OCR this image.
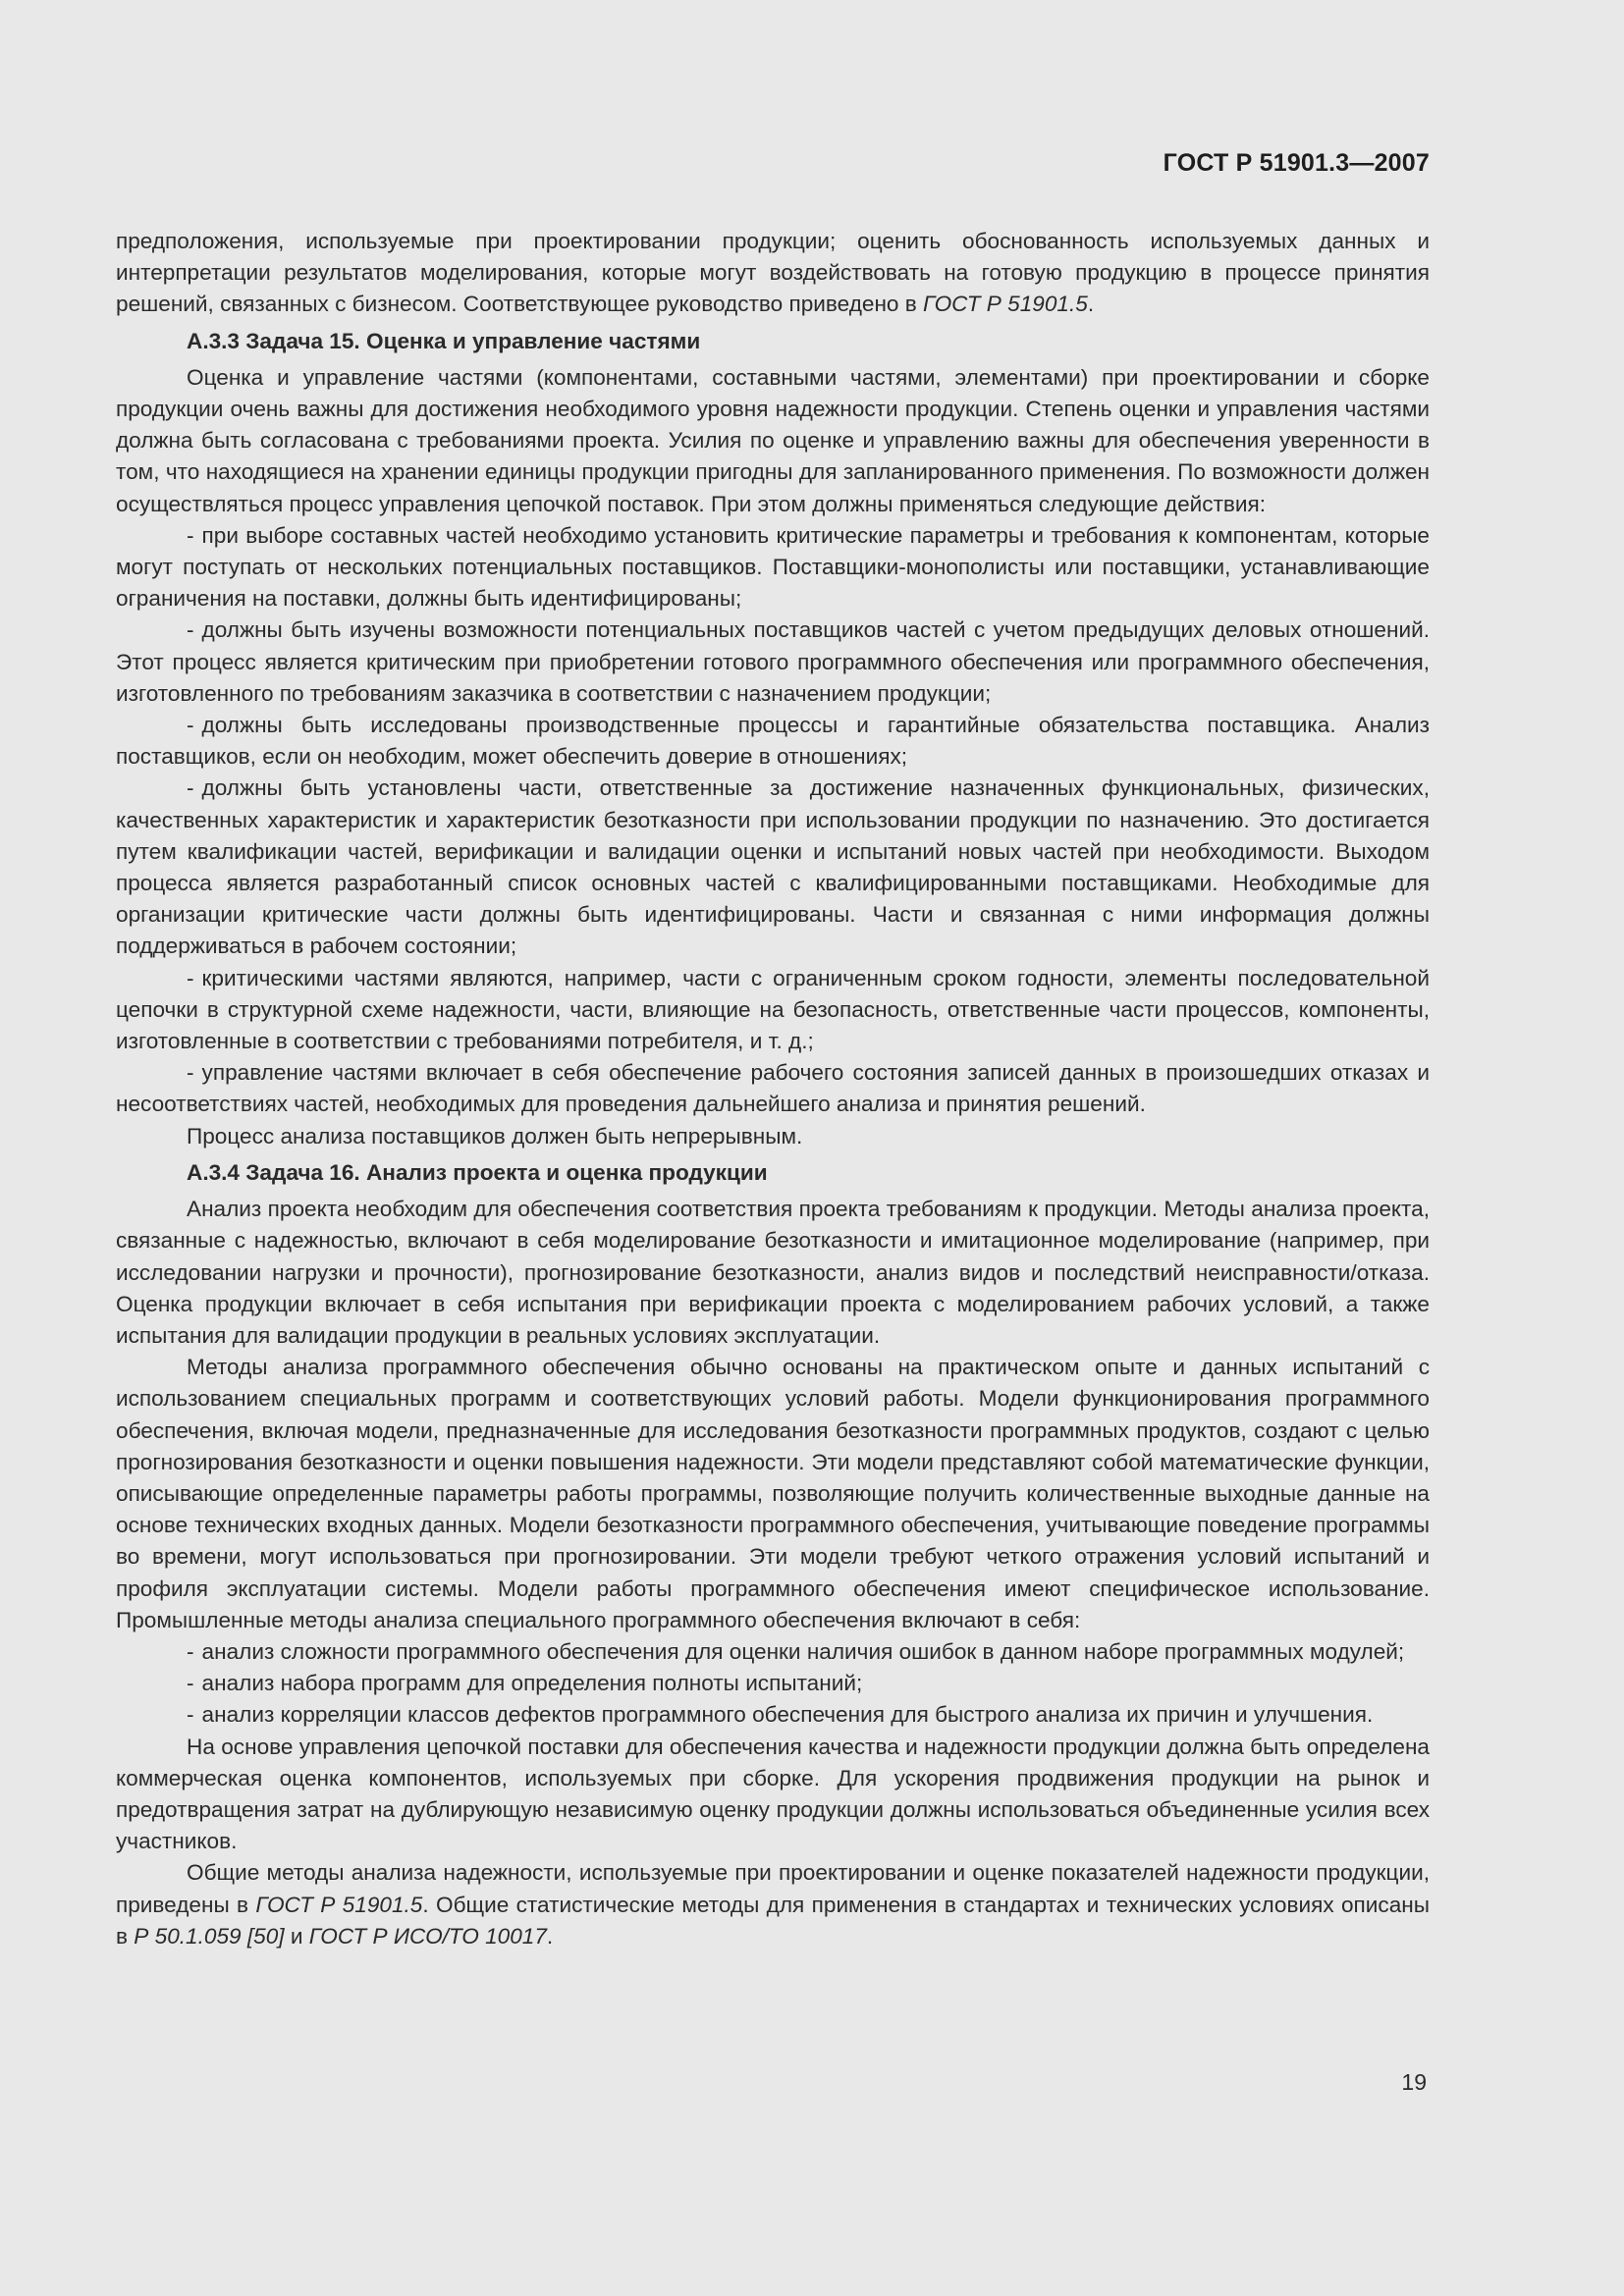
ГОСТ Р 51901.3—2007

предположения, используемые при проектировании продукции; оценить обоснованность используемых данных и интерпретации результатов моделирования, которые могут воздействовать на готовую продукцию в процессе принятия решений, связанных с бизнесом. Соответствующее руководство приведено в ГОСТ Р 51901.5.

А.3.3 Задача 15. Оценка и управление частями

Оценка и управление частями (компонентами, составными частями, элементами) при проектировании и сборке продукции очень важны для достижения необходимого уровня надежности продукции. Степень оценки и управления частями должна быть согласована с требованиями проекта. Усилия по оценке и управлению важны для обеспечения уверенности в том, что находящиеся на хранении единицы продукции пригодны для запланированного применения. По возможности должен осуществляться процесс управления цепочкой поставок. При этом должны применяться следующие действия:

- при выборе составных частей необходимо установить критические параметры и требования к компонентам, которые могут поступать от нескольких потенциальных поставщиков. Поставщики-монополисты или поставщики, устанавливающие ограничения на поставки, должны быть идентифицированы;

- должны быть изучены возможности потенциальных поставщиков частей с учетом предыдущих деловых отношений. Этот процесс является критическим при приобретении готового программного обеспечения или программного обеспечения, изготовленного по требованиям заказчика в соответствии с назначением продукции;

- должны быть исследованы производственные процессы и гарантийные обязательства поставщика. Анализ поставщиков, если он необходим, может обеспечить доверие в отношениях;

- должны быть установлены части, ответственные за достижение назначенных функциональных, физических, качественных характеристик и характеристик безотказности при использовании продукции по назначению. Это достигается путем квалификации частей, верификации и валидации оценки и испытаний новых частей при необходимости. Выходом процесса является разработанный список основных частей с квалифицированными поставщиками. Необходимые для организации критические части должны быть идентифицированы. Части и связанная с ними информация должны поддерживаться в рабочем состоянии;

- критическими частями являются, например, части с ограниченным сроком годности, элементы последовательной цепочки в структурной схеме надежности, части, влияющие на безопасность, ответственные части процессов, компоненты, изготовленные в соответствии с требованиями потребителя, и т. д.;

- управление частями включает в себя обеспечение рабочего состояния записей данных в произошедших отказах и несоответствиях частей, необходимых для проведения дальнейшего анализа и принятия решений.

Процесс анализа поставщиков должен быть непрерывным.

А.3.4 Задача 16. Анализ проекта и оценка продукции

Анализ проекта необходим для обеспечения соответствия проекта требованиям к продукции. Методы анализа проекта, связанные с надежностью, включают в себя моделирование безотказности и имитационное моделирование (например, при исследовании нагрузки и прочности), прогнозирование безотказности, анализ видов и последствий неисправности/отказа. Оценка продукции включает в себя испытания при верификации проекта с моделированием рабочих условий, а также испытания для валидации продукции в реальных условиях эксплуатации.

Методы анализа программного обеспечения обычно основаны на практическом опыте и данных испытаний с использованием специальных программ и соответствующих условий работы. Модели функционирования программного обеспечения, включая модели, предназначенные для исследования безотказности программных продуктов, создают с целью прогнозирования безотказности и оценки повышения надежности. Эти модели представляют собой математические функции, описывающие определенные параметры работы программы, позволяющие получить количественные выходные данные на основе технических входных данных. Модели безотказности программного обеспечения, учитывающие поведение программы во времени, могут использоваться при прогнозировании. Эти модели требуют четкого отражения условий испытаний и профиля эксплуатации системы. Модели работы программного обеспечения имеют специфическое использование. Промышленные методы анализа специального программного обеспечения включают в себя:

- анализ сложности программного обеспечения для оценки наличия ошибок в данном наборе программных модулей;

- анализ набора программ для определения полноты испытаний;

- анализ корреляции классов дефектов программного обеспечения для быстрого анализа их причин и улучшения.

На основе управления цепочкой поставки для обеспечения качества и надежности продукции должна быть определена коммерческая оценка компонентов, используемых при сборке. Для ускорения продвижения продукции на рынок и предотвращения затрат на дублирующую независимую оценку продукции должны использоваться объединенные усилия всех участников.

Общие методы анализа надежности, используемые при проектировании и оценке показателей надежности продукции, приведены в ГОСТ Р 51901.5. Общие статистические методы для применения в стандартах и технических условиях описаны в Р 50.1.059 [50] и ГОСТ Р ИСО/ТО 10017.

19
